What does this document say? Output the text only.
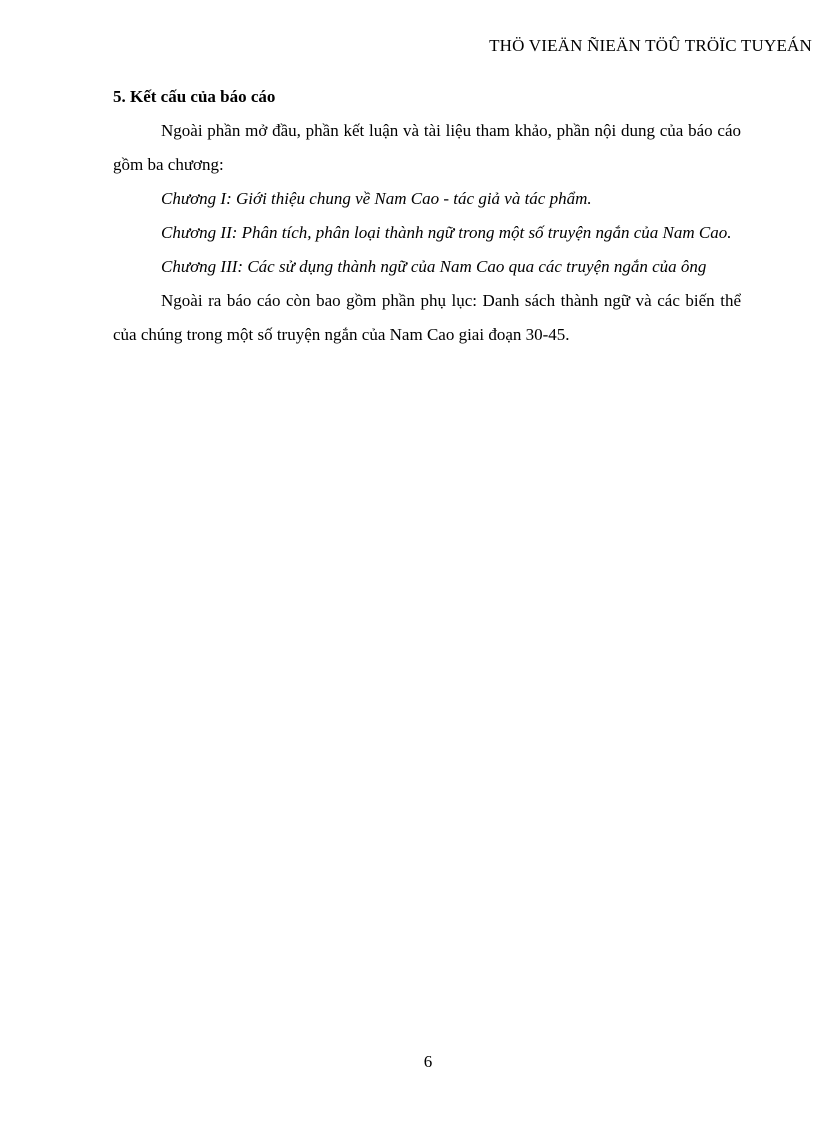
THÖ VIEÄN ÑIEÄN TÖÛ TRÖÏC TUYEÁN

5. Kết cấu của báo cáo

Ngoài phần mở đầu, phần kết luận và tài liệu tham khảo, phần nội dung của báo cáo gồm ba chương:

Chương I: Giới thiệu chung về Nam Cao - tác giả và tác phẩm.

Chương II: Phân tích, phân loại thành ngữ trong một số truyện ngắn của Nam Cao.

Chương III: Các sử dụng thành ngữ của Nam Cao qua các truyện ngắn của ông

Ngoài ra báo cáo còn bao gồm phần phụ lục: Danh sách thành ngữ và các biến thể của chúng trong một số truyện ngắn của Nam Cao giai đoạn 30-45.

6
